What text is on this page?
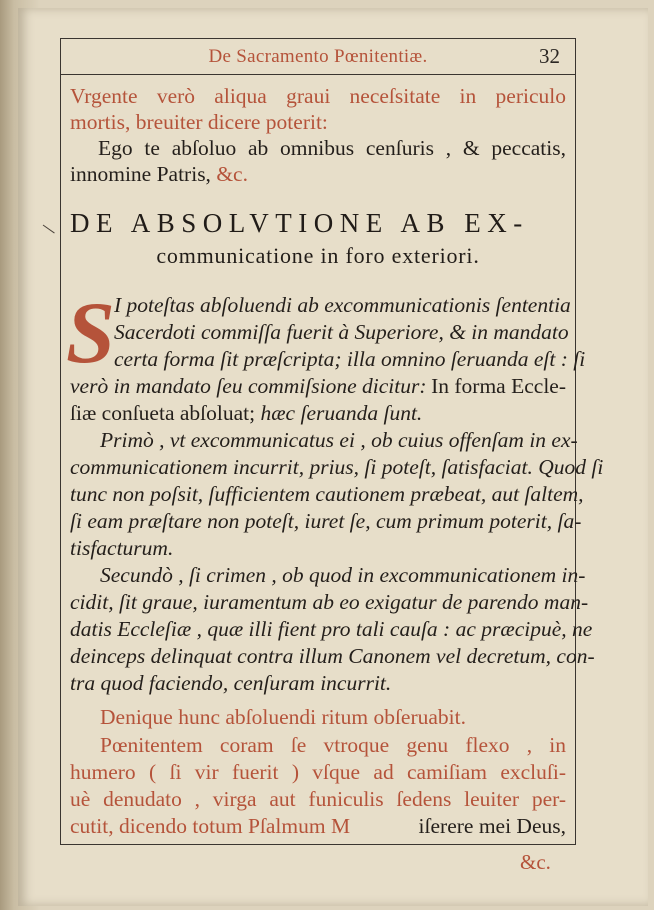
De Sacramento Pœnitentiæ.	32
Vrgente verò aliqua graui neceſsitate in periculo
mortis, breuiter dicere poterit:
Ego te abſoluo ab omnibus cenſuris , & peccatis,
innomine Patris, &c.
DE ABSOLVTIONE AB EX-
communicatione in foro exteriori.
S I poteſtas abſoluendi ab excommunicationis ſententia
Sacerdoti commiſſa fuerit à Superiore, & in mandato
certa forma ſit præſcripta; illa omnino ſeruanda eſt : ſi
verò in mandato ſeu commiſsione dicitur: In forma Eccle-
ſiæ conſueta abſoluat; hæc ſeruanda ſunt.
Primò , vt excommunicatus ei , ob cuius offenſam in ex-
communicationem incurrit, prius, ſi poteſt, ſatisfaciat. Quod ſi
tunc non poſsit, ſufficientem cautionem præbeat, aut ſaltem,
ſi eam præſtare non poteſt, iuret ſe, cum primum poterit, ſa-
tisfacturum.
Secundò , ſi crimen , ob quod in excommunicationem in-
cidit, ſit graue, iuramentum ab eo exigatur de parendo man-
datis Eccleſiæ , quæ illi fient pro tali cauſa : ac præcipuè, ne
deinceps delinquat contra illum Canonem vel decretum, con-
tra quod faciendo, cenſuram incurrit.
Denique hunc abſoluendi ritum obſeruabit.
Pœnitentem coram ſe vtroque genu flexo , in
humero ( ſi vir fuerit ) vſque ad camiſiam excluſi-
uè denudato , virga aut funiculis ſedens leuiter per-
cutit, dicendo totum Pſalmum M	iſerere mei Deus,
&c.
